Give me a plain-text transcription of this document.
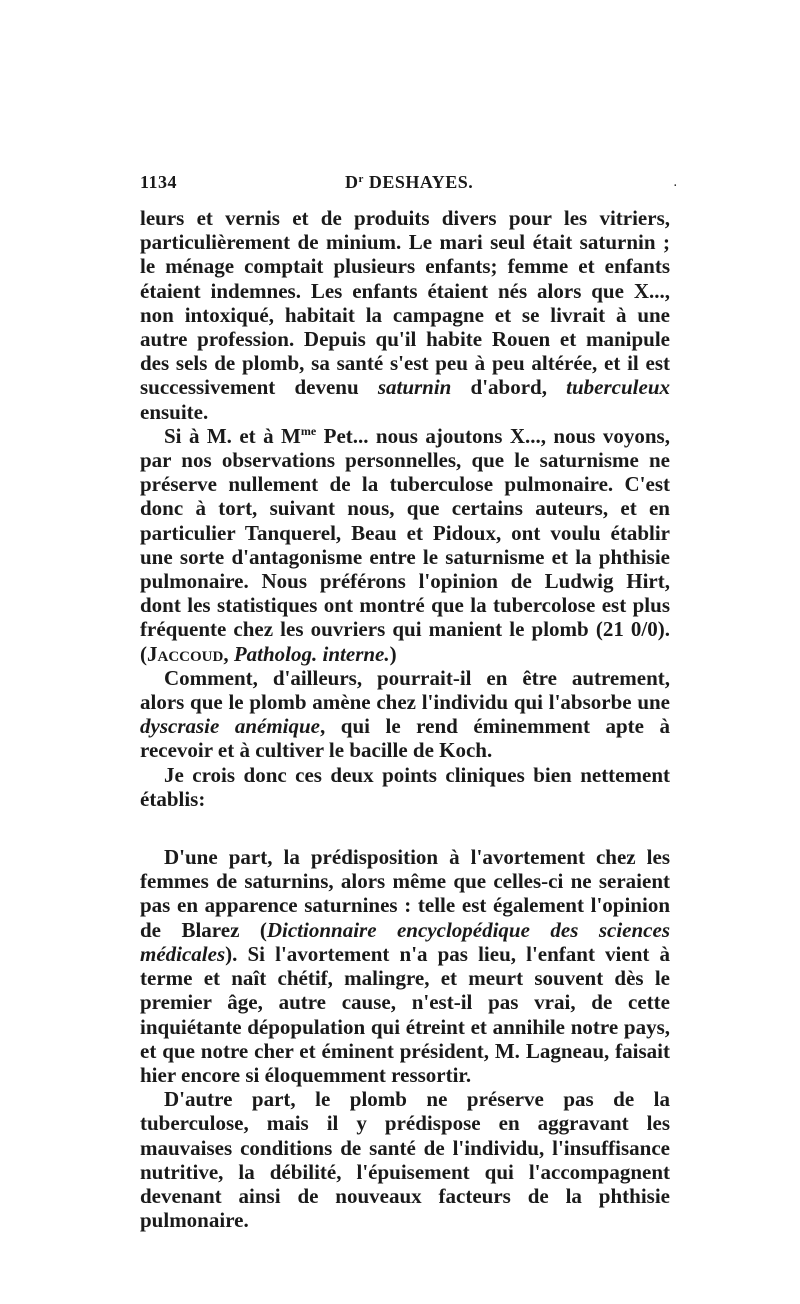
1134	$D^r$ DESHAYES.	.

leurs et vernis et de produits divers pour les vitriers, particulièrement de minium. Le mari seul était saturnin ; le ménage comptait plusieurs enfants; femme et enfants étaient indemnes. Les enfants étaient nés alors que X..., non intoxiqué, habitait la campagne et se livrait à une autre profession. Depuis qu'il habite Rouen et manipule des sels de plomb, sa santé s'est peu à peu altérée, et il est successivement devenu saturnin d'abord, tuberculeux ensuite.

Si à M. et à $M^{me}$ Pet... nous ajoutons X..., nous voyons, par nos observations personnelles, que le saturnisme ne préserve nullement de la tuberculose pulmonaire. C'est donc à tort, suivant nous, que certains auteurs, et en particulier Tanquerel, Beau et Pidoux, ont voulu établir une sorte d'antagonisme entre le saturnisme et la phthisie pulmonaire. Nous préférons l'opinion de Ludwig Hirt, dont les statistiques ont montré que la tubercolose est plus fréquente chez les ouvriers qui manient le plomb (21 0/0). (Jaccoud, Patholog. interne.)

Comment, d'ailleurs, pourrait-il en être autrement, alors que le plomb amène chez l'individu qui l'absorbe une dyscrasie anémique, qui le rend éminemment apte à recevoir et à cultiver le bacille de Koch.

Je crois donc ces deux points cliniques bien nettement établis:

D'une part, la prédisposition à l'avortement chez les femmes de saturnins, alors même que celles-ci ne seraient pas en apparence saturnines : telle est également l'opinion de Blarez (Dictionnaire encyclopédique des sciences médicales). Si l'avortement n'a pas lieu, l'enfant vient à terme et naît chétif, malingre, et meurt souvent dès le premier âge, autre cause, n'est-il pas vrai, de cette inquiétante dépopulation qui étreint et annihile notre pays, et que notre cher et éminent président, M. Lagneau, faisait hier encore si éloquemment ressortir.

D'autre part, le plomb ne préserve pas de la tuberculose, mais il y prédispose en aggravant les mauvaises conditions de santé de l'individu, l'insuffisance nutritive, la débilité, l'épuisement qui l'accompagnent devenant ainsi de nouveaux facteurs de la phthisie pulmonaire.
